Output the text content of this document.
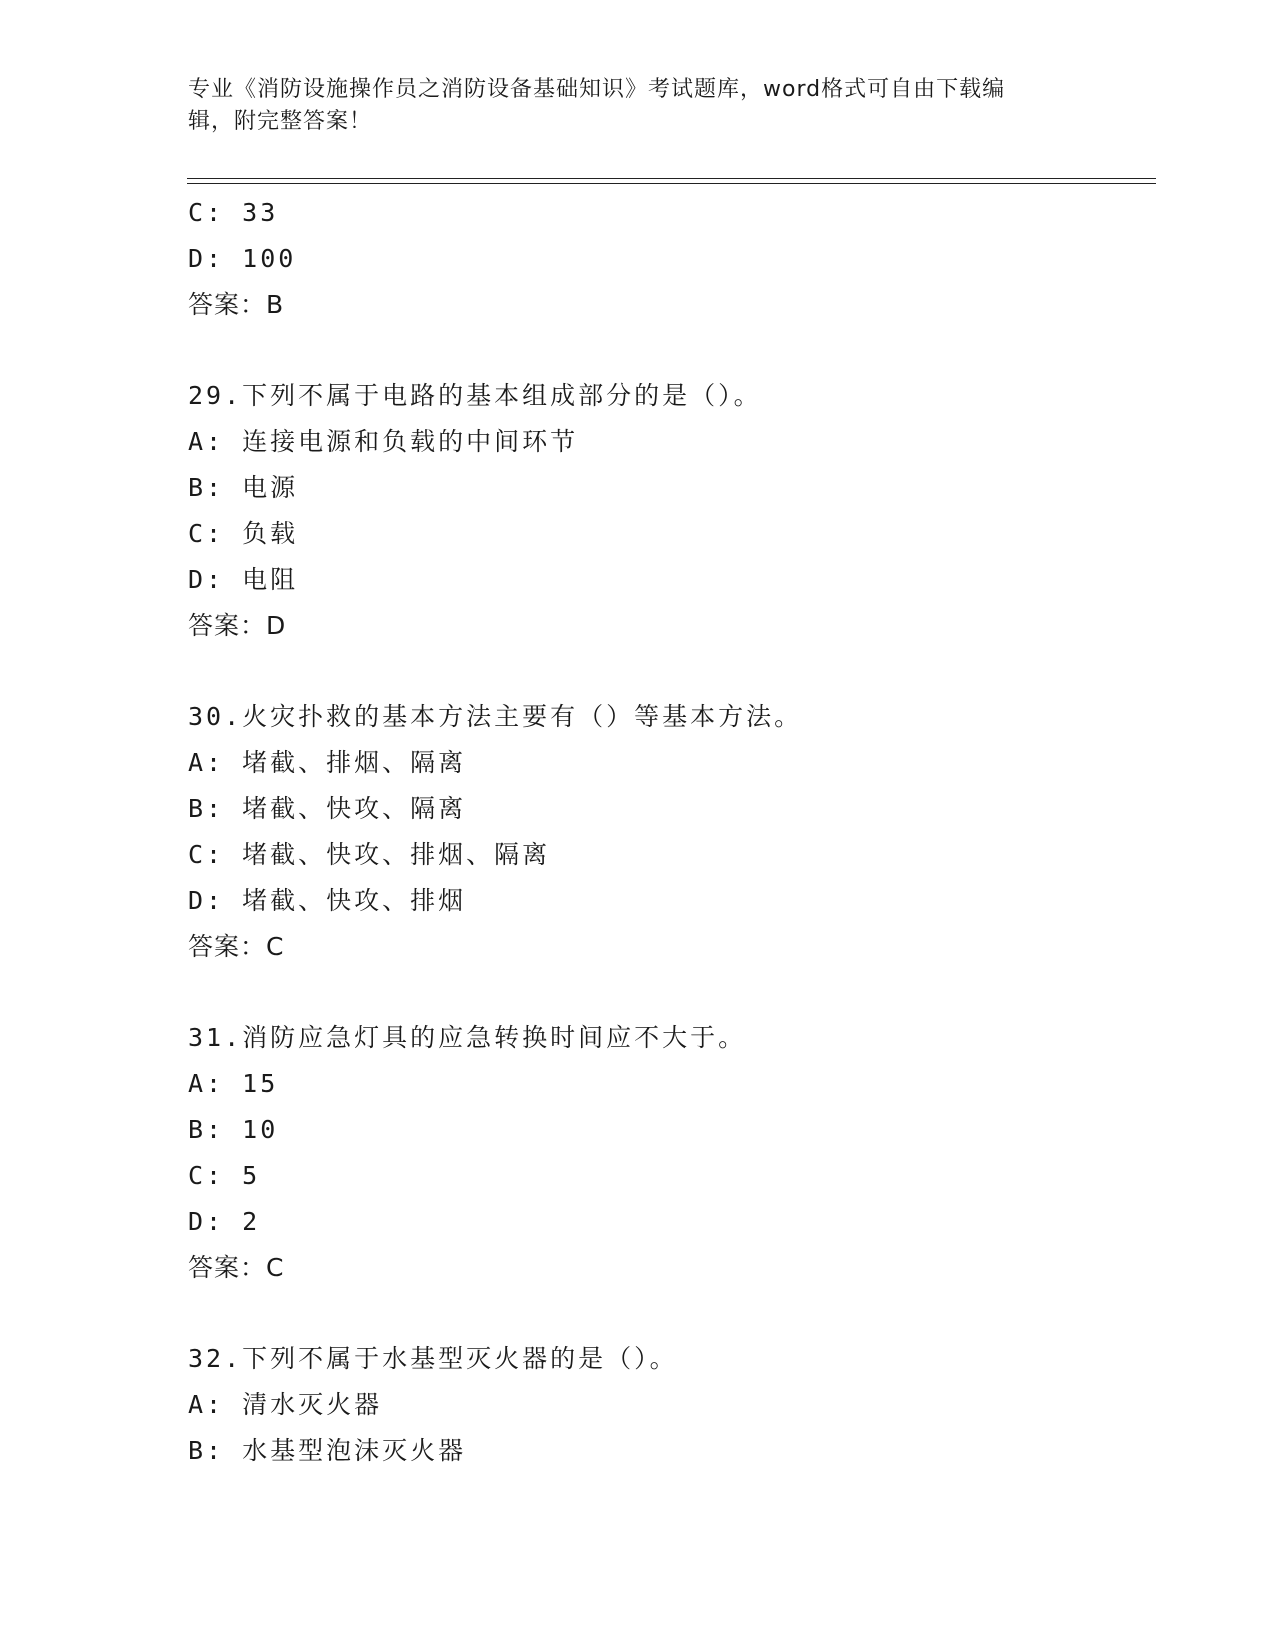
专业《消防设施操作员之消防设备基础知识》考试题库，word格式可自由下载编
辑，附完整答案！
C: 33
D: 100
答案：B
29.下列不属于电路的基本组成部分的是（）。
A: 连接电源和负载的中间环节
B: 电源
C: 负载
D: 电阻
答案：D
30.火灾扑救的基本方法主要有（）等基本方法。
A: 堵截、排烟、隔离
B: 堵截、快攻、隔离
C: 堵截、快攻、排烟、隔离
D: 堵截、快攻、排烟
答案：C
31.消防应急灯具的应急转换时间应不大于。
A: 15
B: 10
C: 5
D: 2
答案：C
32.下列不属于水基型灭火器的是（）。
A: 清水灭火器
B: 水基型泡沫灭火器
